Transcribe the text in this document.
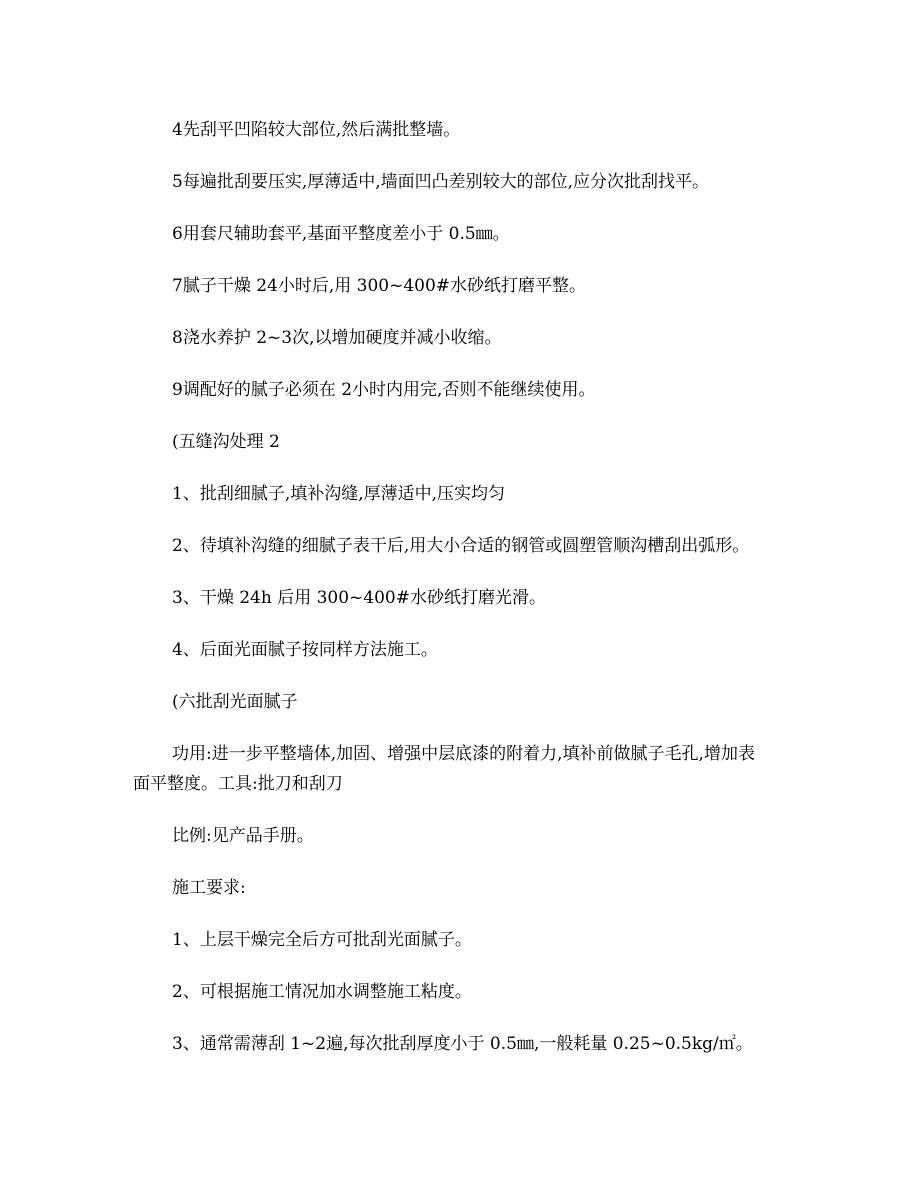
4先刮平凹陷较大部位,然后满批整墙。

5每遍批刮要压实,厚薄适中,墙面凹凸差别较大的部位,应分次批刮找平。

6用套尺辅助套平,基面平整度差小于 0.5㎜。

7腻子干燥 24小时后,用 300~400#水砂纸打磨平整。

8浇水养护 2~3次,以增加硬度并减小收缩。

9调配好的腻子必须在 2小时内用完,否则不能继续使用。

(五缝沟处理 2

1、批刮细腻子,填补沟缝,厚薄适中,压实均匀

2、待填补沟缝的细腻子表干后,用大小合适的钢管或圆塑管顺沟槽刮出弧形。

3、干燥 24h 后用 300~400#水砂纸打磨光滑。

4、后面光面腻子按同样方法施工。

(六批刮光面腻子

功用:进一步平整墙体,加固、增强中层底漆的附着力,填补前做腻子毛孔,增加表
面平整度。工具:批刀和刮刀

比例:见产品手册。

施工要求:

1、上层干燥完全后方可批刮光面腻子。

2、可根据施工情况加水调整施工粘度。

3、通常需薄刮 1~2遍,每次批刮厚度小于 0.5㎜,一般耗量 0.25~0.5kg/㎡。
